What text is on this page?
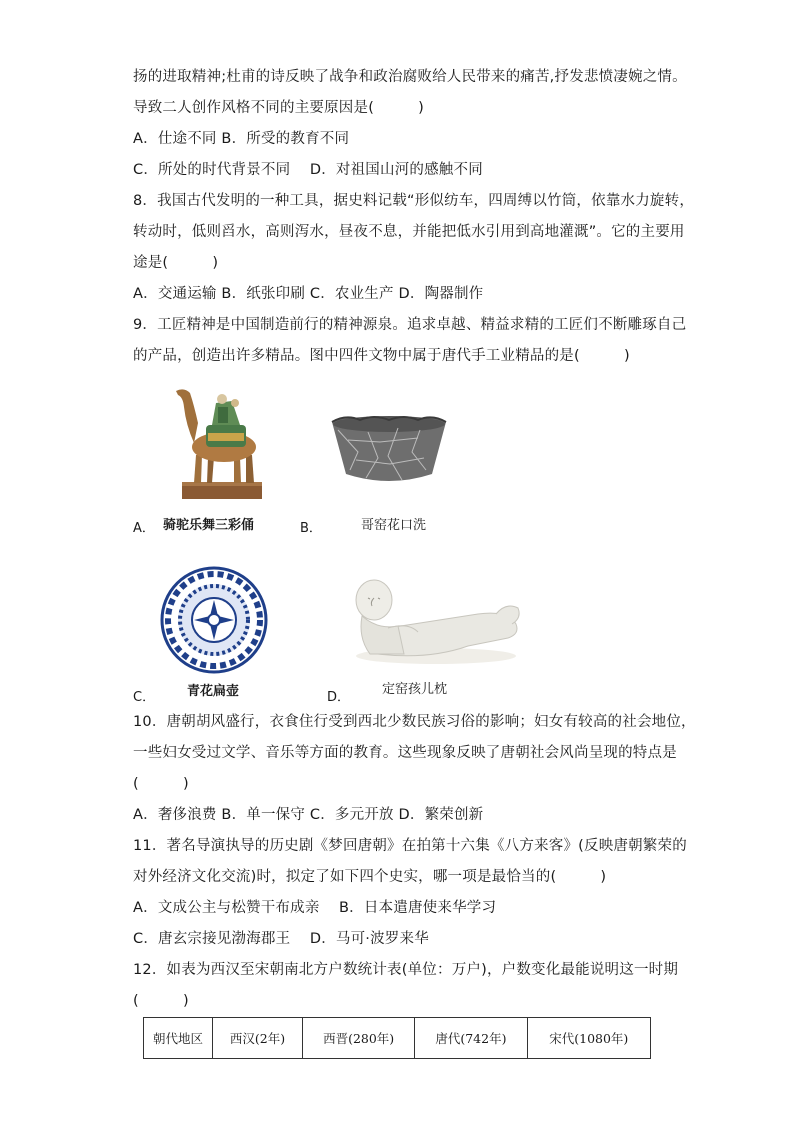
扬的进取精神;杜甫的诗反映了战争和政治腐败给人民带来的痛苦,抒发悲愤凄婉之情。
导致二人创作风格不同的主要原因是(　　　)
A．仕途不同 B．所受的教育不同
C．所处的时代背景不同　 D．对祖国山河的感触不同
8．我国古代发明的一种工具，据史料记载“形似纺车，四周缚以竹筒，依靠水力旋转，
转动时，低则舀水，高则泻水，昼夜不息，并能把低水引用到高地灌溉”。它的主要用
途是(　　　)
A．交通运输 B．纸张印刷 C．农业生产 D．陶器制作
9．工匠精神是中国制造前行的精神源泉。追求卓越、精益求精的工匠们不断雕琢自己
的产品，创造出许多精品。图中四件文物中属于唐代手工业精品的是(　　　)
A． 骑驼乐舞三彩俑	B．	哥窑花口洗
C． 青花扁壶	D．
定窑孩儿枕
10．唐朝胡风盛行，衣食住行受到西北少数民族习俗的影响；妇女有较高的社会地位，
一些妇女受过文学、音乐等方面的教育。这些现象反映了唐朝社会风尚呈现的特点是
(　　　)
A．奢侈浪费 B．单一保守 C．多元开放 D．繁荣创新
11．著名导演执导的历史剧《梦回唐朝》在拍第十六集《八方来客》(反映唐朝繁荣的
对外经济文化交流)时，拟定了如下四个史实，哪一项是最恰当的(　　　)
A．文成公主与松赞干布成亲　 B．日本遣唐使来华学习
C．唐玄宗接见渤海郡王　 D．马可·波罗来华
12．如表为西汉至宋朝南北方户数统计表(单位：万户)，户数变化最能说明这一时期
(　　　)
朝代地区	西汉(2年)	西晋(280年)	唐代(742年)	宋代(1080年)
